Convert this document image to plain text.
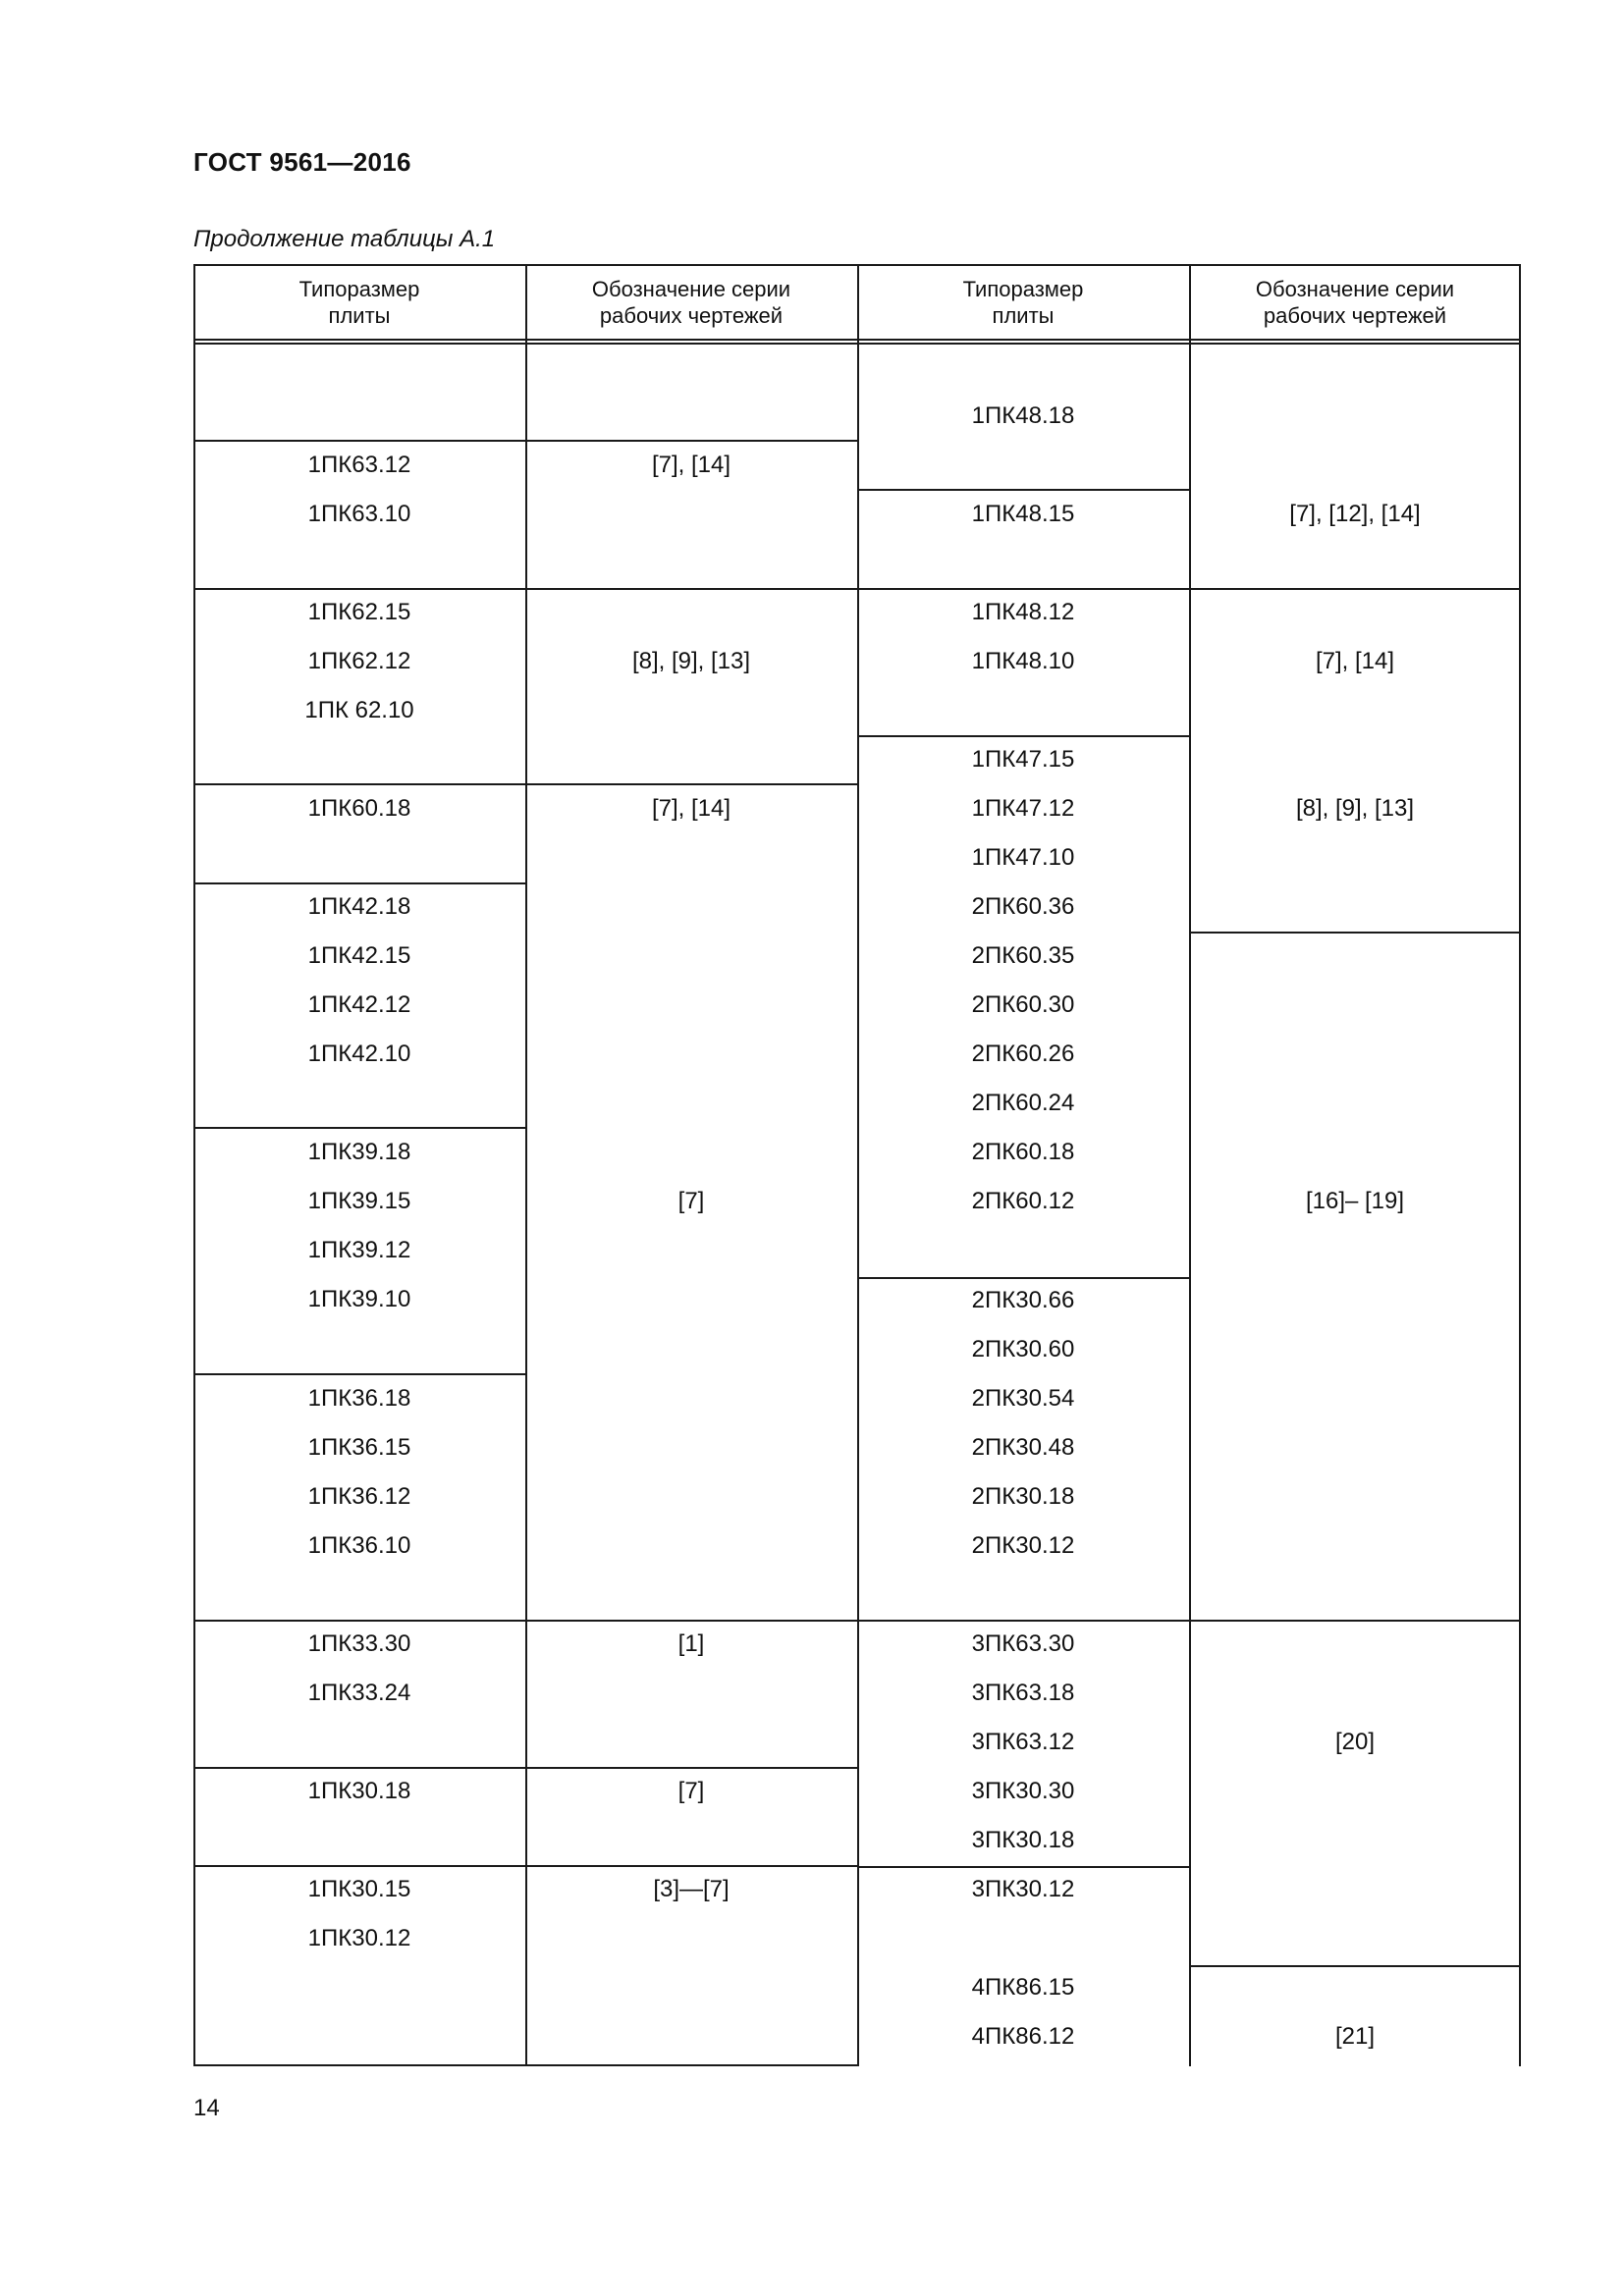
ГОСТ 9561—2016
Продолжение таблицы А.1
Типоразмер
плиты
Обозначение серии
рабочих чертежей
Типоразмер
плиты
Обозначение серии
рабочих чертежей
1ПК63.12
1ПК63.10
1ПК62.15
1ПК62.12
1ПК 62.10
1ПК60.18
1ПК42.18
1ПК42.15
1ПК42.12
1ПК42.10
1ПК39.18
1ПК39.15
1ПК39.12
1ПК39.10
1ПК36.18
1ПК36.15
1ПК36.12
1ПК36.10
1ПК33.30
1ПК33.24
1ПК30.18
1ПК30.15
1ПК30.12
[7], [14]
[8], [9], [13]
[7], [14]
[7]
[1]
[7]
[3]—[7]
1ПК48.18
1ПК48.15
1ПК48.12
1ПК48.10
1ПК47.15
1ПК47.12
1ПК47.10
2ПК60.36
2ПК60.35
2ПК60.30
2ПК60.26
2ПК60.24
2ПК60.18
2ПК60.12
2ПК30.66
2ПК30.60
2ПК30.54
2ПК30.48
2ПК30.18
2ПК30.12
3ПК63.30
3ПК63.18
3ПК63.12
3ПК30.30
3ПК30.18
3ПК30.12
4ПК86.15
4ПК86.12
[7], [12], [14]
[7], [14]
[8], [9], [13]
[16]– [19]
[20]
[21]
14
